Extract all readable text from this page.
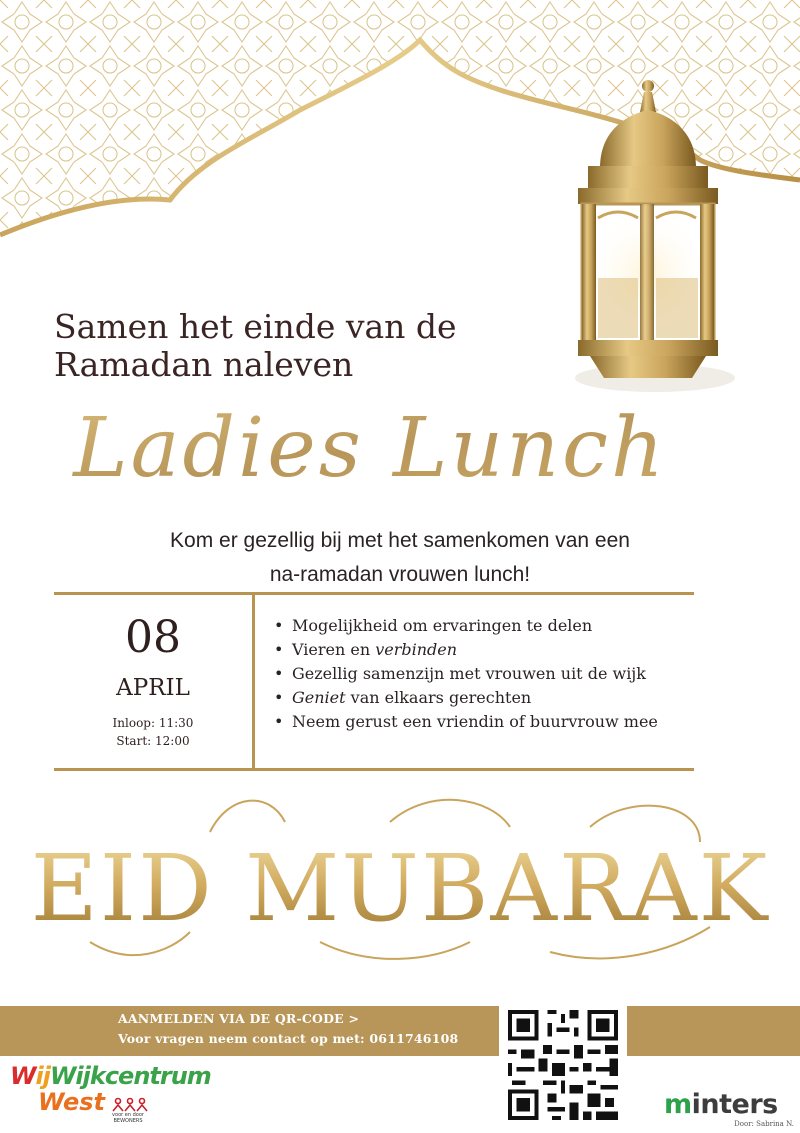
Samen het einde van de
Ramadan naleven
Ladies Lunch
Kom er gezellig bij met het samenkomen van een
na-ramadan vrouwen lunch!
08
APRIL
Inloop: 11:30
Start: 12:00
• Mogelijkheid om ervaringen te delen
• Vieren en verbinden
• Gezellig samenzijn met vrouwen uit de wijk
• Geniet van elkaars gerechten
• Neem gerust een vriendin of buurvrouw mee
EID MUBARAK
AANMELDEN VIA DE QR-CODE >
Voor vragen neem contact op met: 0611746108
WijWijkcentrum
West	voor en door BEWONERS
minters
Door: Sabrina N.
